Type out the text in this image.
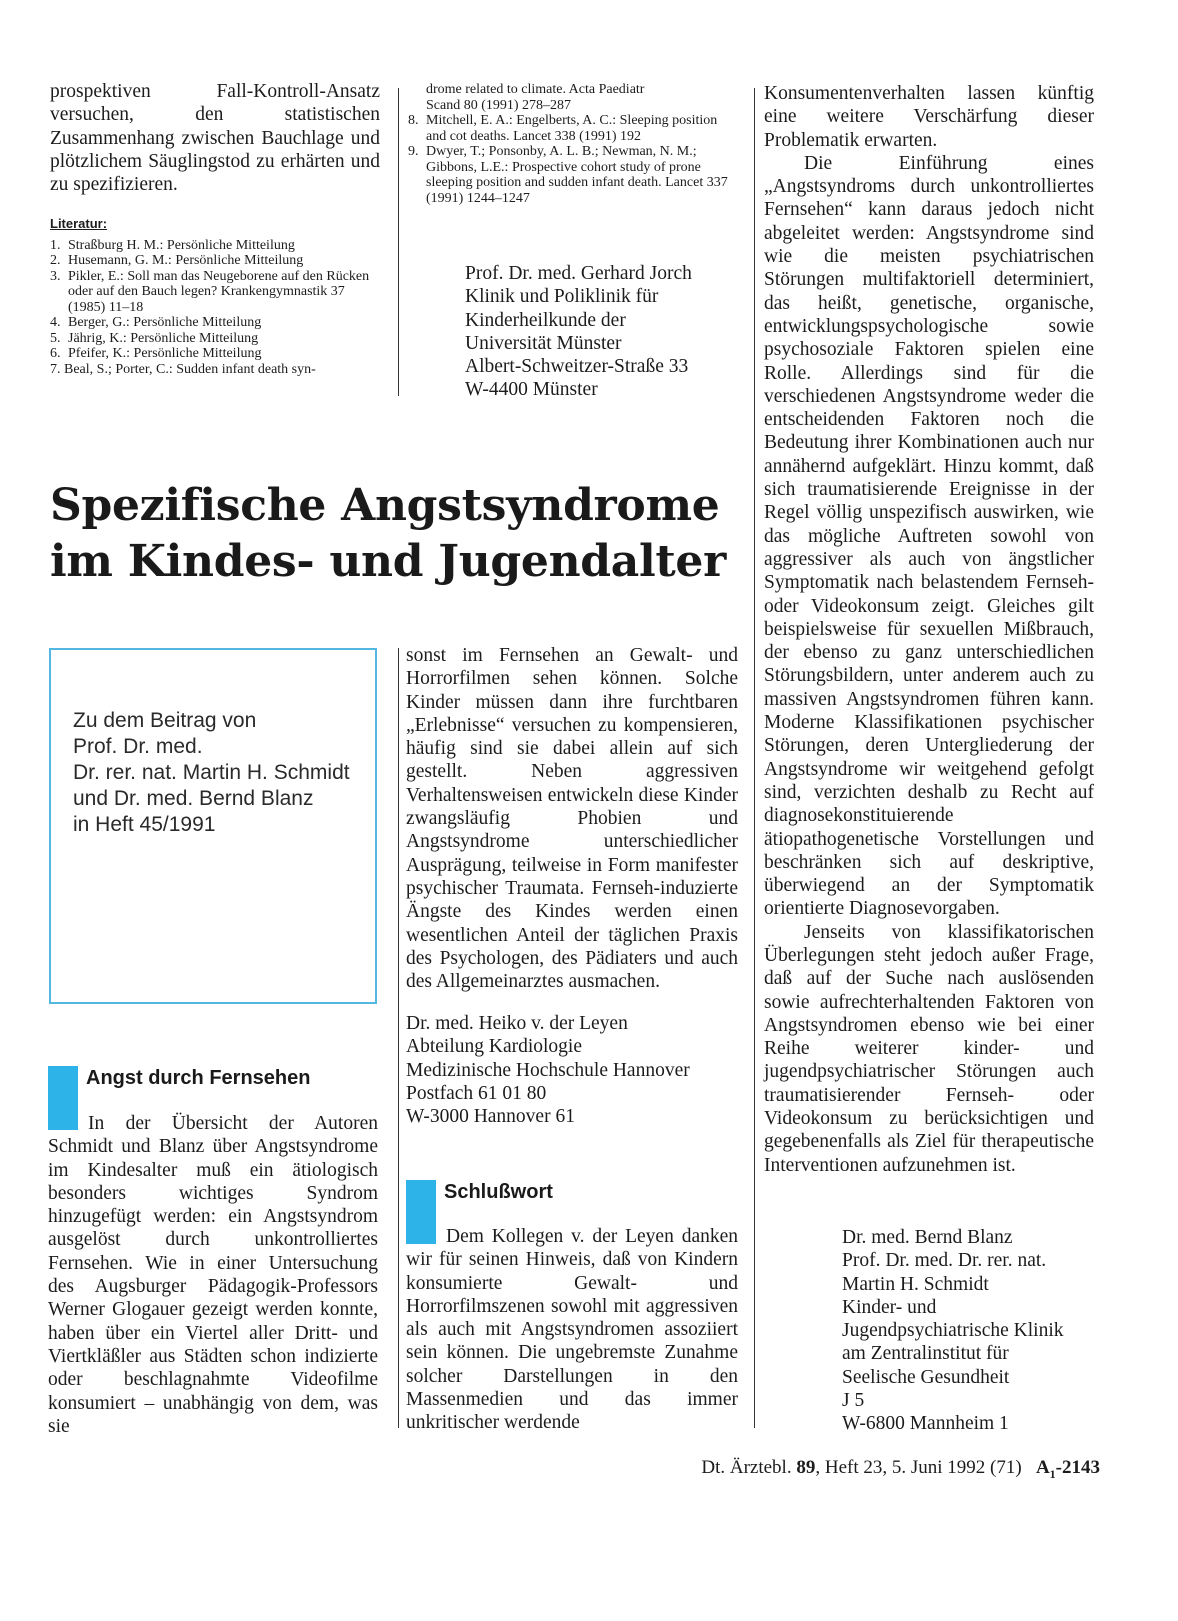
prospektiven Fall-Kontroll-Ansatz versuchen, den statistischen Zusammenhang zwischen Bauchlage und plötzlichem Säuglingstod zu erhärten und zu spezifizieren.

Literatur:
1. Straßburg H. M.: Persönliche Mitteilung
2. Husemann, G. M.: Persönliche Mitteilung
3. Pikler, E.: Soll man das Neugeborene auf den Rücken oder auf den Bauch legen? Krankengymnastik 37 (1985) 11–18
4. Berger, G.: Persönliche Mitteilung
5. Jährig, K.: Persönliche Mitteilung
6. Pfeifer, K.: Persönliche Mitteilung
7. Beal, S.; Porter, C.: Sudden infant death syn-
drome related to climate. Acta Paediatr
Scand 80 (1991) 278–287
8. Mitchell, E. A.: Engelberts, A. C.: Sleeping position and cot deaths. Lancet 338 (1991) 192
9. Dwyer, T.; Ponsonby, A. L. B.; Newman, N. M.; Gibbons, L.E.: Prospective cohort study of prone sleeping position and sudden infant death. Lancet 337 (1991) 1244–1247
Prof. Dr. med. Gerhard Jorch
Klinik und Poliklinik für
Kinderheilkunde der
Universität Münster
Albert-Schweitzer-Straße 33
W-4400 Münster

Konsumentenverhalten lassen künftig eine weitere Verschärfung dieser Problematik erwarten.

Die Einführung eines „Angstsyndroms durch unkontrolliertes Fernsehen“ kann daraus jedoch nicht abgeleitet werden: Angstsyndrome sind wie die meisten psychiatrischen Störungen multifaktoriell determiniert, das heißt, genetische, organische, entwicklungspsychologische sowie psychosoziale Faktoren spielen eine Rolle. Allerdings sind für die verschiedenen Angstsyndrome weder die entscheidenden Faktoren noch die Bedeutung ihrer Kombinationen auch nur annähernd aufgeklärt. Hinzu kommt, daß sich traumatisierende Ereignisse in der Regel völlig unspezifisch auswirken, wie das mögliche Auftreten sowohl von aggressiver als auch von ängstlicher Symptomatik nach belastendem Fernseh- oder Videokonsum zeigt. Gleiches gilt beispielsweise für sexuellen Mißbrauch, der ebenso zu ganz unterschiedlichen Störungsbildern, unter anderem auch zu massiven Angstsyndromen führen kann. Moderne Klassifikationen psychischer Störungen, deren Untergliederung der Angstsyndrome wir weitgehend gefolgt sind, verzichten deshalb zu Recht auf diagnosekonstituierende ätiopathogenetische Vorstellungen und beschränken sich auf deskriptive, überwiegend an der Symptomatik orientierte Diagnosevorgaben.

Jenseits von klassifikatorischen Überlegungen steht jedoch außer Frage, daß auf der Suche nach auslösenden sowie aufrechterhaltenden Faktoren von Angstsyndromen ebenso wie bei einer Reihe weiterer kinder- und jugendpsychiatrischer Störungen auch traumatisierender Fernseh- oder Videokonsum zu berücksichtigen und gegebenenfalls als Ziel für therapeutische Interventionen aufzunehmen ist.

Dr. med. Bernd Blanz
Prof. Dr. med. Dr. rer. nat.
Martin H. Schmidt
Kinder- und
Jugendpsychiatrische Klinik
am Zentralinstitut für
Seelische Gesundheit
J 5
W-6800 Mannheim 1
Spezifische Angstsyndrome im Kindes- und Jugendalter
Zu dem Beitrag von
Prof. Dr. med.
Dr. rer. nat. Martin H. Schmidt
und Dr. med. Bernd Blanz
in Heft 45/1991
Angst durch Fernsehen

In der Übersicht der Autoren Schmidt und Blanz über Angstsyndrome im Kindesalter muß ein ätiologisch besonders wichtiges Syndrom hinzugefügt werden: ein Angstsyndrom ausgelöst durch unkontrolliertes Fernsehen. Wie in einer Untersuchung des Augsburger Pädagogik-Professors Werner Glogauer gezeigt werden konnte, haben über ein Viertel aller Dritt- und Viertkläßler aus Städten schon indizierte oder beschlagnahmte Videofilme konsumiert – unabhängig von dem, was sie

sonst im Fernsehen an Gewalt- und Horrorfilmen sehen können. Solche Kinder müssen dann ihre furchtbaren „Erlebnisse“ versuchen zu kompensieren, häufig sind sie dabei allein auf sich gestellt. Neben aggressiven Verhaltensweisen entwickeln diese Kinder zwangsläufig Phobien und Angstsyndrome unterschiedlicher Ausprägung, teilweise in Form manifester psychischer Traumata. Fernseh-induzierte Ängste des Kindes werden einen wesentlichen Anteil der täglichen Praxis des Psychologen, des Pädiaters und auch des Allgemeinarztes ausmachen.

Dr. med. Heiko v. der Leyen
Abteilung Kardiologie
Medizinische Hochschule Hannover
Postfach 61 01 80
W-3000 Hannover 61
Schlußwort

Dem Kollegen v. der Leyen danken wir für seinen Hinweis, daß von Kindern konsumierte Gewalt- und Horrorfilmszenen sowohl mit aggressiven als auch mit Angstsyndromen assoziiert sein können. Die ungebremste Zunahme solcher Darstellungen in den Massenmedien und das immer unkritischer werdende

Dt. Ärztebl. 89, Heft 23, 5. Juni 1992 (71) $A_1-2143$
